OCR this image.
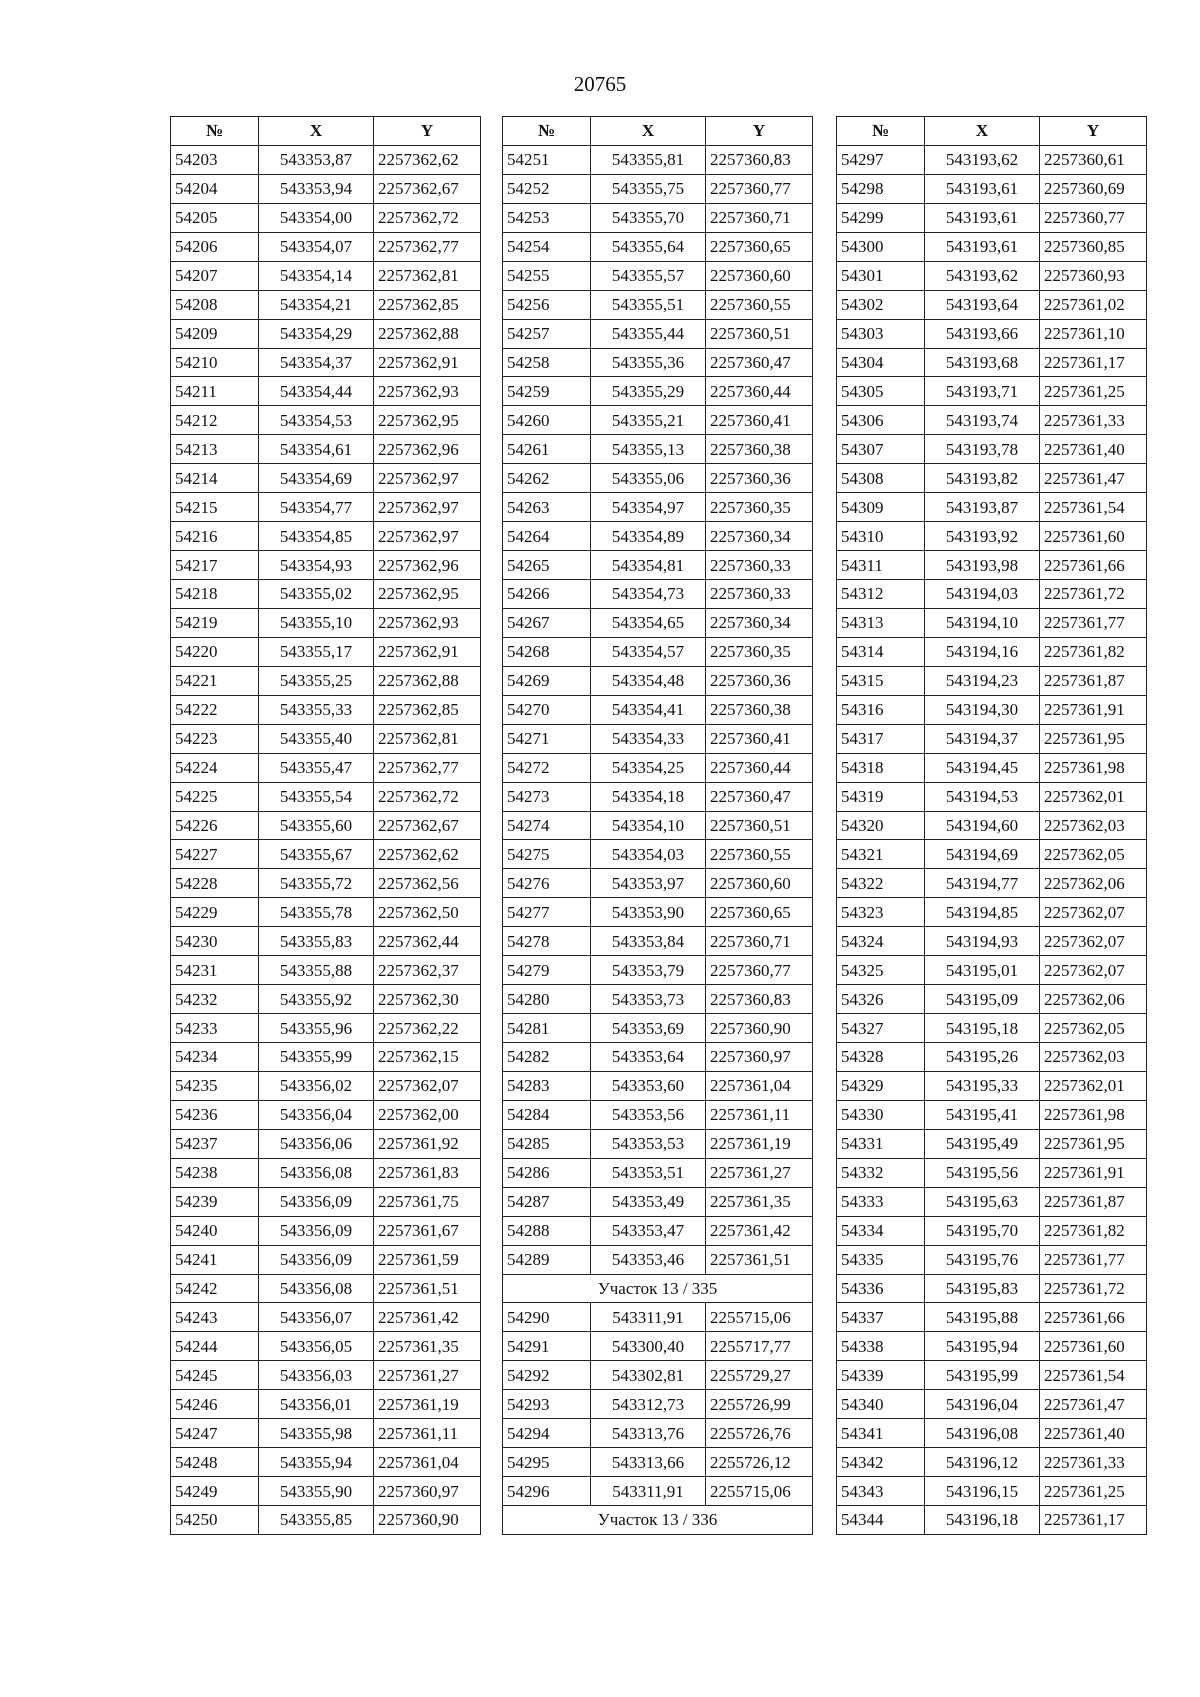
20765
№	X	Y
54203	543353,87	2257362,62
54204	543353,94	2257362,67
54205	543354,00	2257362,72
54206	543354,07	2257362,77
54207	543354,14	2257362,81
54208	543354,21	2257362,85
54209	543354,29	2257362,88
54210	543354,37	2257362,91
54211	543354,44	2257362,93
54212	543354,53	2257362,95
54213	543354,61	2257362,96
54214	543354,69	2257362,97
54215	543354,77	2257362,97
54216	543354,85	2257362,97
54217	543354,93	2257362,96
54218	543355,02	2257362,95
54219	543355,10	2257362,93
54220	543355,17	2257362,91
54221	543355,25	2257362,88
54222	543355,33	2257362,85
54223	543355,40	2257362,81
54224	543355,47	2257362,77
54225	543355,54	2257362,72
54226	543355,60	2257362,67
54227	543355,67	2257362,62
54228	543355,72	2257362,56
54229	543355,78	2257362,50
54230	543355,83	2257362,44
54231	543355,88	2257362,37
54232	543355,92	2257362,30
54233	543355,96	2257362,22
54234	543355,99	2257362,15
54235	543356,02	2257362,07
54236	543356,04	2257362,00
54237	543356,06	2257361,92
54238	543356,08	2257361,83
54239	543356,09	2257361,75
54240	543356,09	2257361,67
54241	543356,09	2257361,59
54242	543356,08	2257361,51
54243	543356,07	2257361,42
54244	543356,05	2257361,35
54245	543356,03	2257361,27
54246	543356,01	2257361,19
54247	543355,98	2257361,11
54248	543355,94	2257361,04
54249	543355,90	2257360,97
54250	543355,85	2257360,90
№	X	Y
54251	543355,81	2257360,83
54252	543355,75	2257360,77
54253	543355,70	2257360,71
54254	543355,64	2257360,65
54255	543355,57	2257360,60
54256	543355,51	2257360,55
54257	543355,44	2257360,51
54258	543355,36	2257360,47
54259	543355,29	2257360,44
54260	543355,21	2257360,41
54261	543355,13	2257360,38
54262	543355,06	2257360,36
54263	543354,97	2257360,35
54264	543354,89	2257360,34
54265	543354,81	2257360,33
54266	543354,73	2257360,33
54267	543354,65	2257360,34
54268	543354,57	2257360,35
54269	543354,48	2257360,36
54270	543354,41	2257360,38
54271	543354,33	2257360,41
54272	543354,25	2257360,44
54273	543354,18	2257360,47
54274	543354,10	2257360,51
54275	543354,03	2257360,55
54276	543353,97	2257360,60
54277	543353,90	2257360,65
54278	543353,84	2257360,71
54279	543353,79	2257360,77
54280	543353,73	2257360,83
54281	543353,69	2257360,90
54282	543353,64	2257360,97
54283	543353,60	2257361,04
54284	543353,56	2257361,11
54285	543353,53	2257361,19
54286	543353,51	2257361,27
54287	543353,49	2257361,35
54288	543353,47	2257361,42
54289	543353,46	2257361,51
Участок 13 / 335		
54290	543311,91	2255715,06
54291	543300,40	2255717,77
54292	543302,81	2255729,27
54293	543312,73	2255726,99
54294	543313,76	2255726,76
54295	543313,66	2255726,12
54296	543311,91	2255715,06
Участок 13 / 336		
№	X	Y
54297	543193,62	2257360,61
54298	543193,61	2257360,69
54299	543193,61	2257360,77
54300	543193,61	2257360,85
54301	543193,62	2257360,93
54302	543193,64	2257361,02
54303	543193,66	2257361,10
54304	543193,68	2257361,17
54305	543193,71	2257361,25
54306	543193,74	2257361,33
54307	543193,78	2257361,40
54308	543193,82	2257361,47
54309	543193,87	2257361,54
54310	543193,92	2257361,60
54311	543193,98	2257361,66
54312	543194,03	2257361,72
54313	543194,10	2257361,77
54314	543194,16	2257361,82
54315	543194,23	2257361,87
54316	543194,30	2257361,91
54317	543194,37	2257361,95
54318	543194,45	2257361,98
54319	543194,53	2257362,01
54320	543194,60	2257362,03
54321	543194,69	2257362,05
54322	543194,77	2257362,06
54323	543194,85	2257362,07
54324	543194,93	2257362,07
54325	543195,01	2257362,07
54326	543195,09	2257362,06
54327	543195,18	2257362,05
54328	543195,26	2257362,03
54329	543195,33	2257362,01
54330	543195,41	2257361,98
54331	543195,49	2257361,95
54332	543195,56	2257361,91
54333	543195,63	2257361,87
54334	543195,70	2257361,82
54335	543195,76	2257361,77
54336	543195,83	2257361,72
54337	543195,88	2257361,66
54338	543195,94	2257361,60
54339	543195,99	2257361,54
54340	543196,04	2257361,47
54341	543196,08	2257361,40
54342	543196,12	2257361,33
54343	543196,15	2257361,25
54344	543196,18	2257361,17
